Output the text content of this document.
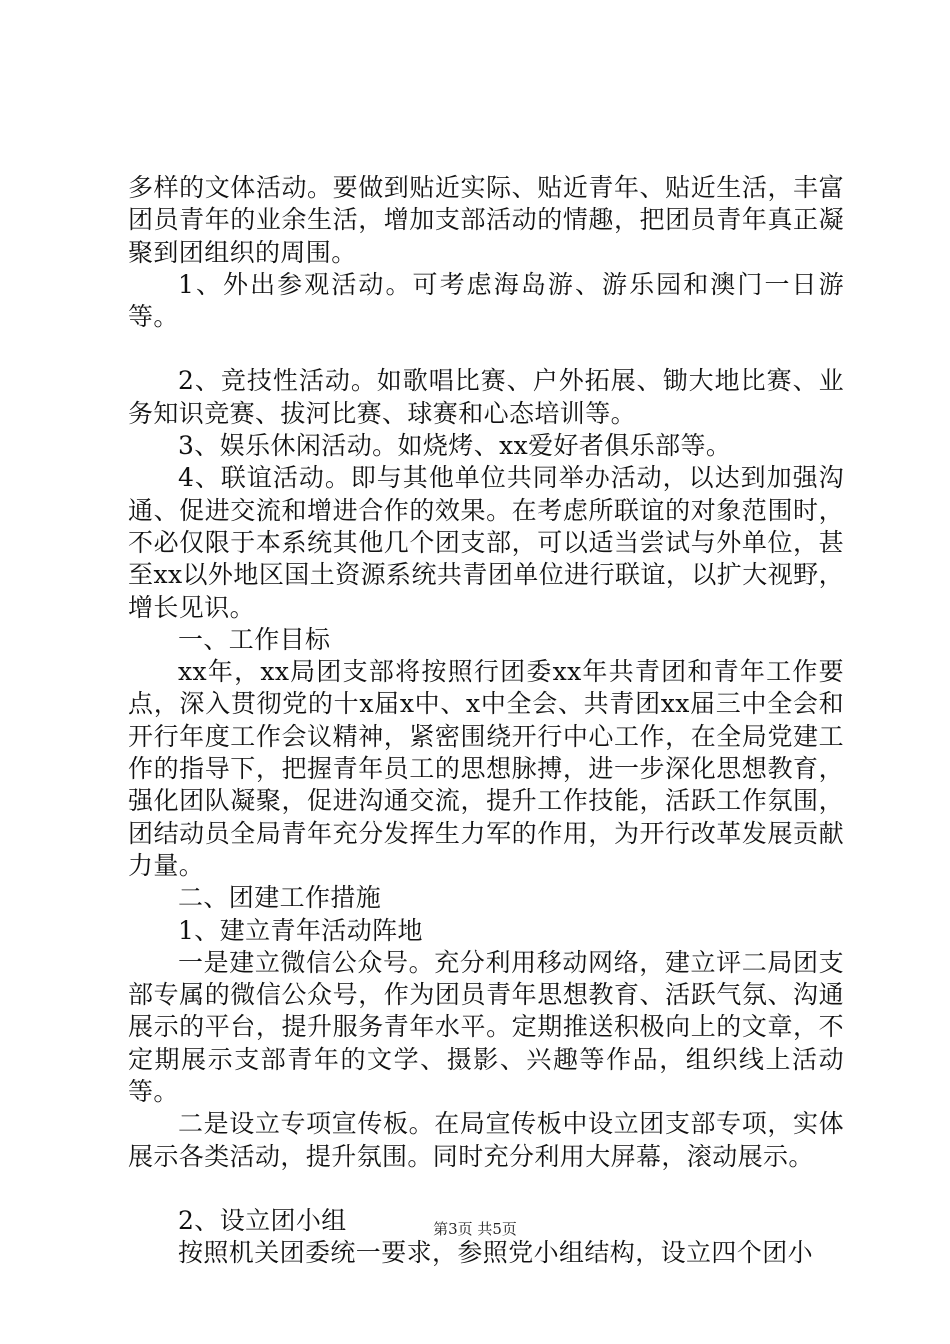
多样的文体活动。要做到贴近实际、贴近青年、贴近生活，丰富团员青年的业余生活，增加支部活动的情趣，把团员青年真正凝聚到团组织的周围。

1、外出参观活动。可考虑海岛游、游乐园和澳门一日游等。

2、竞技性活动。如歌唱比赛、户外拓展、锄大地比赛、业务知识竞赛、拔河比赛、球赛和心态培训等。

3、娱乐休闲活动。如烧烤、xx爱好者俱乐部等。

4、联谊活动。即与其他单位共同举办活动，以达到加强沟通、促进交流和增进合作的效果。在考虑所联谊的对象范围时，不必仅限于本系统其他几个团支部，可以适当尝试与外单位，甚至xx以外地区国土资源系统共青团单位进行联谊，以扩大视野，增长见识。

一、工作目标

xx年，xx局团支部将按照行团委xx年共青团和青年工作要点，深入贯彻党的十x届x中、x中全会、共青团xx届三中全会和开行年度工作会议精神，紧密围绕开行中心工作，在全局党建工作的指导下，把握青年员工的思想脉搏，进一步深化思想教育，强化团队凝聚，促进沟通交流，提升工作技能，活跃工作氛围，团结动员全局青年充分发挥生力军的作用，为开行改革发展贡献力量。

二、团建工作措施

1、建立青年活动阵地

一是建立微信公众号。充分利用移动网络，建立评二局团支部专属的微信公众号，作为团员青年思想教育、活跃气氛、沟通展示的平台，提升服务青年水平。定期推送积极向上的文章，不定期展示支部青年的文学、摄影、兴趣等作品，组织线上活动等。

二是设立专项宣传板。在局宣传板中设立团支部专项，实体展示各类活动，提升氛围。同时充分利用大屏幕，滚动展示。

2、设立团小组

按照机关团委统一要求，参照党小组结构，设立四个团小

第3页 共5页
